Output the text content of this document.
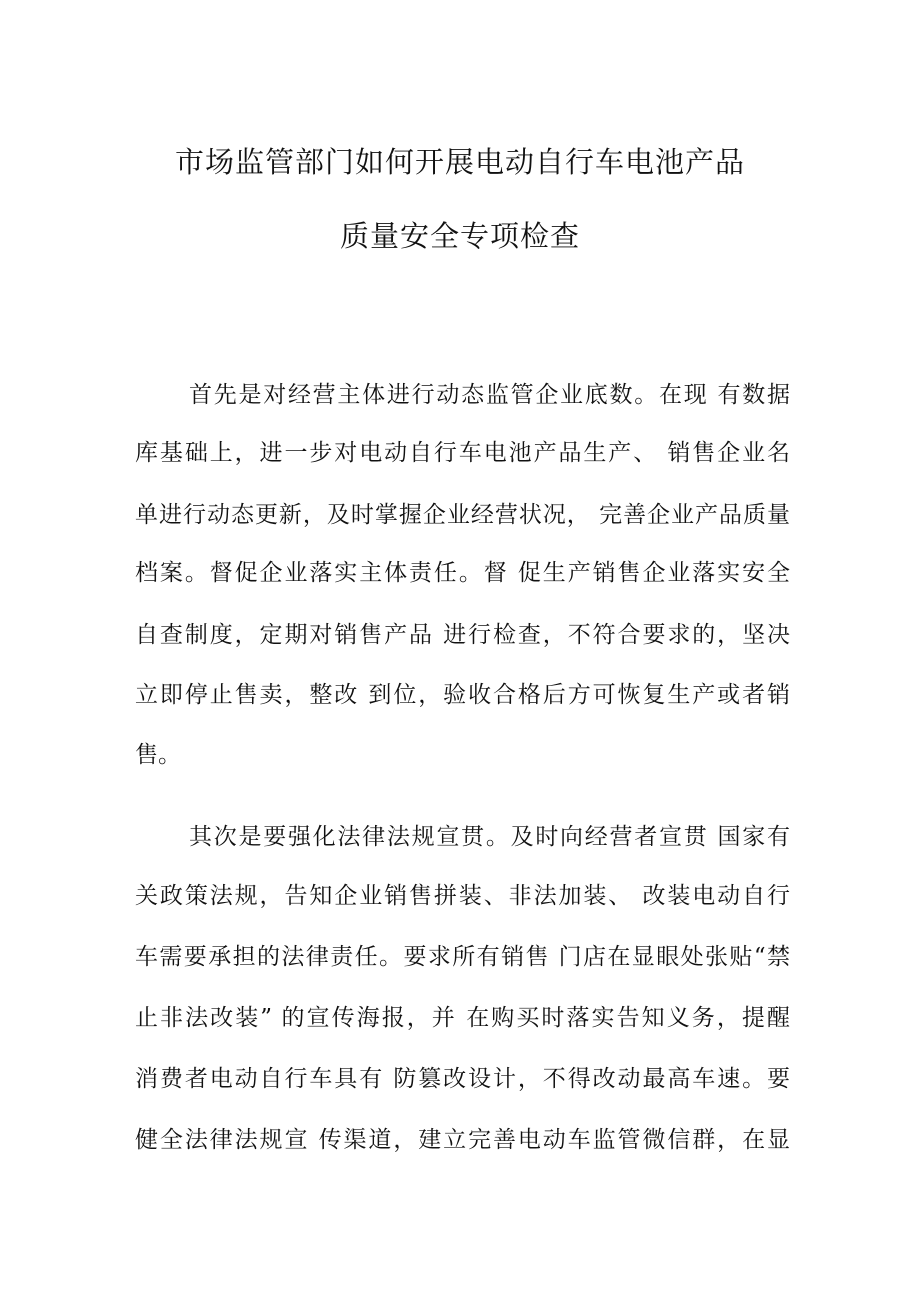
市场监管部门如何开展电动自行车电池产品
质量安全专项检查
首先是对经营主体进行动态监管企业底数。在现 有数据
库基础上，进一步对电动自行车电池产品生产、 销售企业名
单进行动态更新，及时掌握企业经营状况， 完善企业产品质量
档案。督促企业落实主体责任。督 促生产销售企业落实安全
自查制度，定期对销售产品 进行检查，不符合要求的，坚决
立即停止售卖，整改 到位，验收合格后方可恢复生产或者销
售。
其次是要强化法律法规宣贯。及时向经营者宣贯 国家有
关政策法规，告知企业销售拼装、非法加装、 改装电动自行
车需要承担的法律责任。要求所有销售 门店在显眼处张贴“禁
止非法改装” 的宣传海报，并 在购买时落实告知义务，提醒
消费者电动自行车具有 防篡改设计，不得改动最高车速。要
健全法律法规宣 传渠道，建立完善电动车监管微信群，在显
